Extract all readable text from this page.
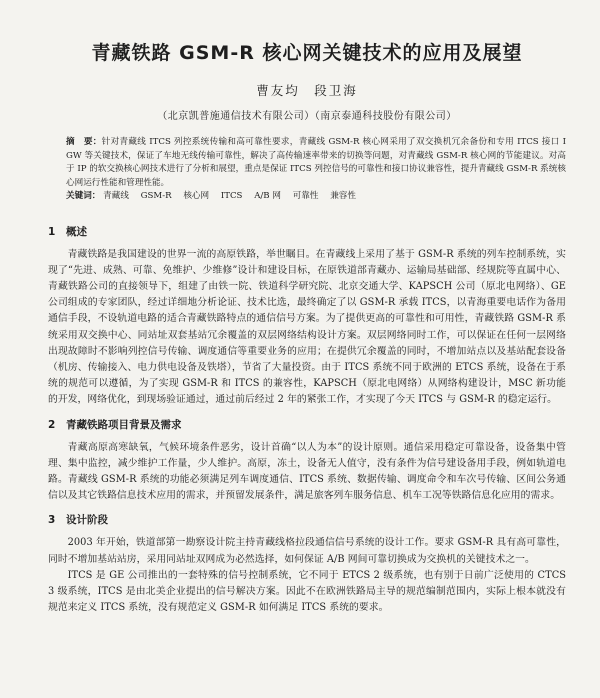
青藏铁路 GSM-R 核心网关键技术的应用及展望
曹友均　段卫海
（北京凯普施通信技术有限公司）（南京泰通科技股份有限公司）

摘　要：针对青藏线 ITCS 列控系统传输和高可靠性要求，青藏线 GSM-R 核心网采用了双交换机冗余备份和专用 ITCS 接口 I GW 等关键技术，保证了车地无线传输可靠性，解决了高传输速率带来的切换等问题，对青藏线 GSM-R 核心网的节能建议。对高于 IP 的软交换核心网技术进行了分析和展望，重点是保证 ITCS 列控信号的可靠性和接口协议兼容性，提升青藏线 GSM-R 系统核心网运行性能和管理性能。

关键词： 青藏线 GSM-R 核心网 ITCS A/B 网 可靠性 兼容性
1 概述

青藏铁路是我国建设的世界一流的高原铁路，举世瞩目。在青藏线上采用了基于 GSM-R 系统的列车控制系统，实现了“先进、成熟、可靠、免维护、少维修”设计和建设目标，在原铁道部青藏办、运输局基础部、经规院等直属中心、青藏铁路公司的直接领导下，组建了由铁一院、铁道科学研究院、北京交通大学、KAPSCH 公司（原北电网络）、GE 公司组成的专家团队，经过详细地分析论证、技术比选，最终确定了以 GSM-R 承载 ITCS，以青海重要电话作为备用通信手段，不设轨道电路的适合青藏铁路特点的通信信号方案。为了提供更高的可靠性和可用性，青藏铁路 GSM-R 系统采用双交换中心、同站址双套基站冗余覆盖的双层网络结构设计方案。双层网络同时工作，可以保证在任何一层网络出现故障时不影响列控信号传输、调度通信等重要业务的应用；在提供冗余覆盖的同时，不增加站点以及基站配套设备（机房、传输接入、电力供电设备及铁塔），节省了大量投资。由于 ITCS 系统不同于欧洲的 ETCS 系统，设备在于系统的规范可以遵循，为了实现 GSM-R 和 ITCS 的兼容性，KAPSCH（原北电网络）从网络构建设计，MSC 新功能的开发，网络优化，到现场验证通过，通过前后经过 2 年的紧张工作，才实现了今天 ITCS 与 GSM-R 的稳定运行。

2 青藏铁路项目背景及需求

青藏高原高寒缺氧，气候环境条件恶劣，设计首确“以人为本”的设计原则。通信采用稳定可靠设备，设备集中管理、集中监控，减少维护工作量，少人维护。高原，冻土，设备无人值守，没有条件为信号建设备用手段，例如轨道电路。青藏线 GSM-R 系统的功能必须满足列车调度通信、ITCS 系统、数据传输、调度命令和车次号传输、区间公务通信以及其它铁路信息技术应用的需求，并预留发展条件，满足旅客列车服务信息、机车工况等铁路信息化应用的需求。

3 设计阶段

2003 年开始，铁道部第一勘察设计院主持青藏线格拉段通信信号系统的设计工作。要求 GSM-R 具有高可靠性，同时不增加基站站房，采用同站址双网成为必然选择，如何保证 A/B 网间可靠切换成为交换机的关键技术之一。

ITCS 是 GE 公司推出的一套特殊的信号控制系统，它不同于 ETCS 2 级系统，也有别于日前广泛使用的 CTCS 3 级系统，ITCS 是由北美企业提出的信号解决方案。因此不在欧洲铁路局主导的规范编制范围内，实际上根本就没有规范来定义 ITCS 系统，没有规范定义 GSM-R 如何满足 ITCS 系统的要求。
